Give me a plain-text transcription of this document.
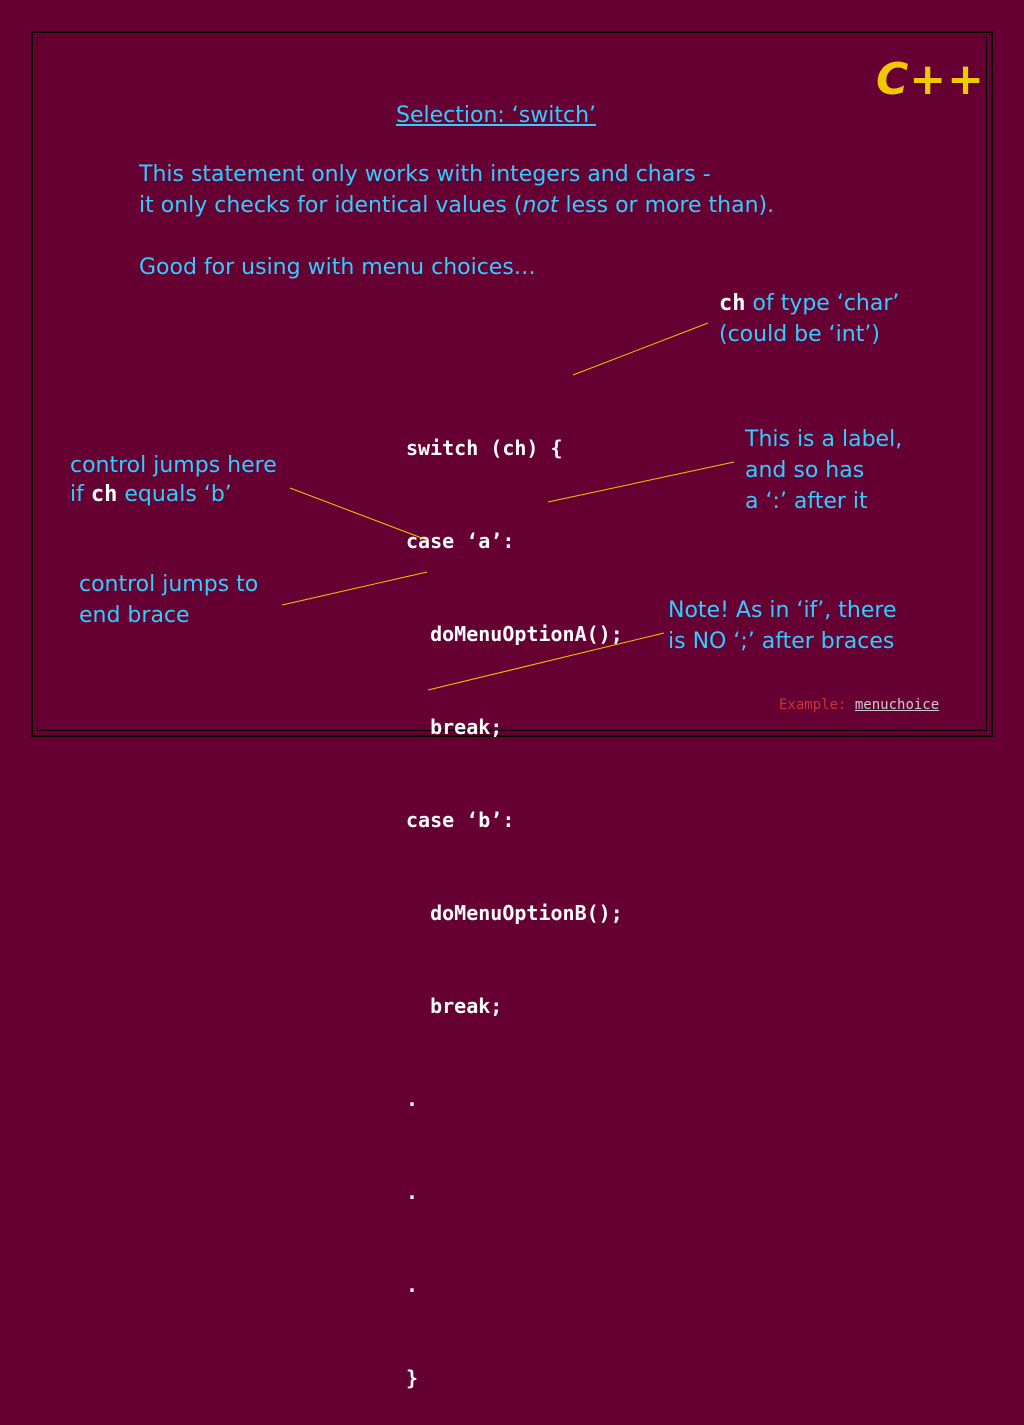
C++
Selection: ‘switch’
This statement only works with integers and chars -
it only checks for identical values (not less or more than).
Good for using with menu choices…
ch of type ‘char’
(could be ‘int’)

switch (ch) {

case ‘a’:

doMenuOptionA();

break;

case ‘b’:

doMenuOptionB();

break;

.

.

.

}

This is a label,
and so has
a ‘:’ after it
control jumps here
if ch equals ‘b’
control jumps to
end brace	Note! As in ‘if’, there
is NO ‘;’ after braces
Example: menuchoice
